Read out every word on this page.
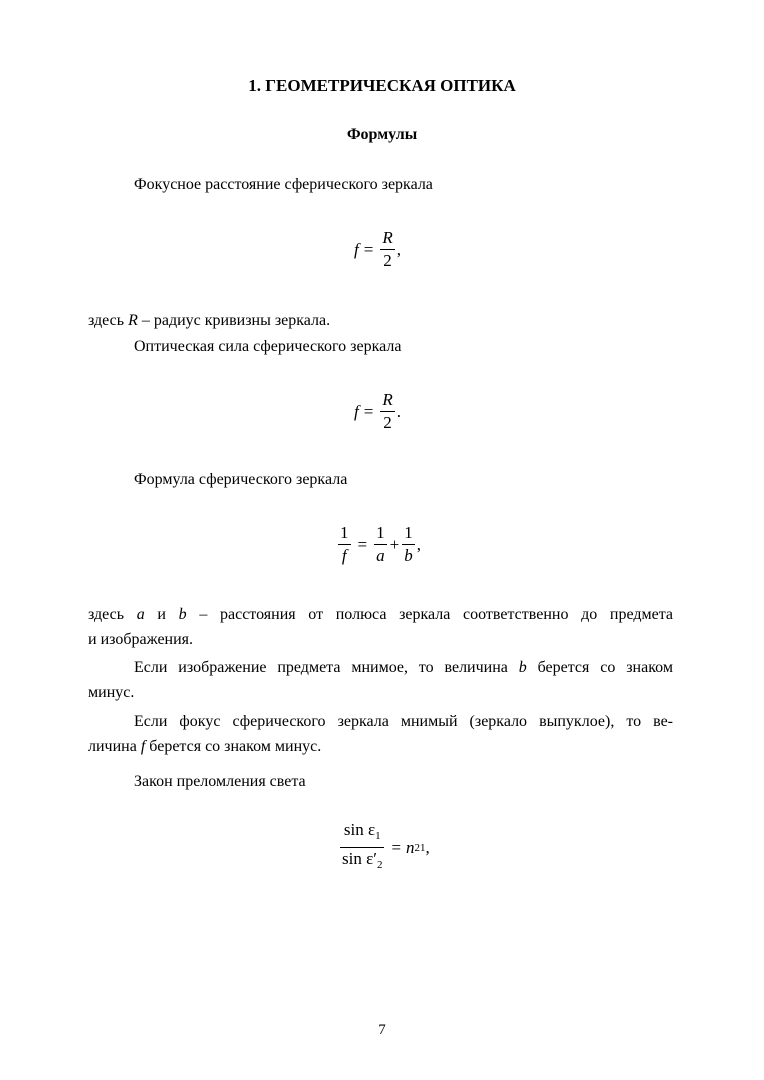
1. ГЕОМЕТРИЧЕСКАЯ ОПТИКА
Формулы
Фокусное расстояние сферического зеркала
$f = \frac{R}{2}$ ,
здесь R – радиус кривизны зеркала.
Оптическая сила сферического зеркала
$f = \frac{R}{2}$ .
Формула сферического зеркала
$\frac{1}{f} = \frac{1}{a} + \frac{1}{b}$ ,
здесь a и b – расстояния от полюса зеркала соответственно до предмета
и изображения.
Если изображение предмета мнимое, то величина b берется со знаком
минус.
Если фокус сферического зеркала мнимый (зеркало выпуклое), то ве-
личина f берется со знаком минус.
Закон преломления света
$\frac{\sin \varepsilon_1}{\sin \varepsilon'_2} = n$ 21 ,
7
